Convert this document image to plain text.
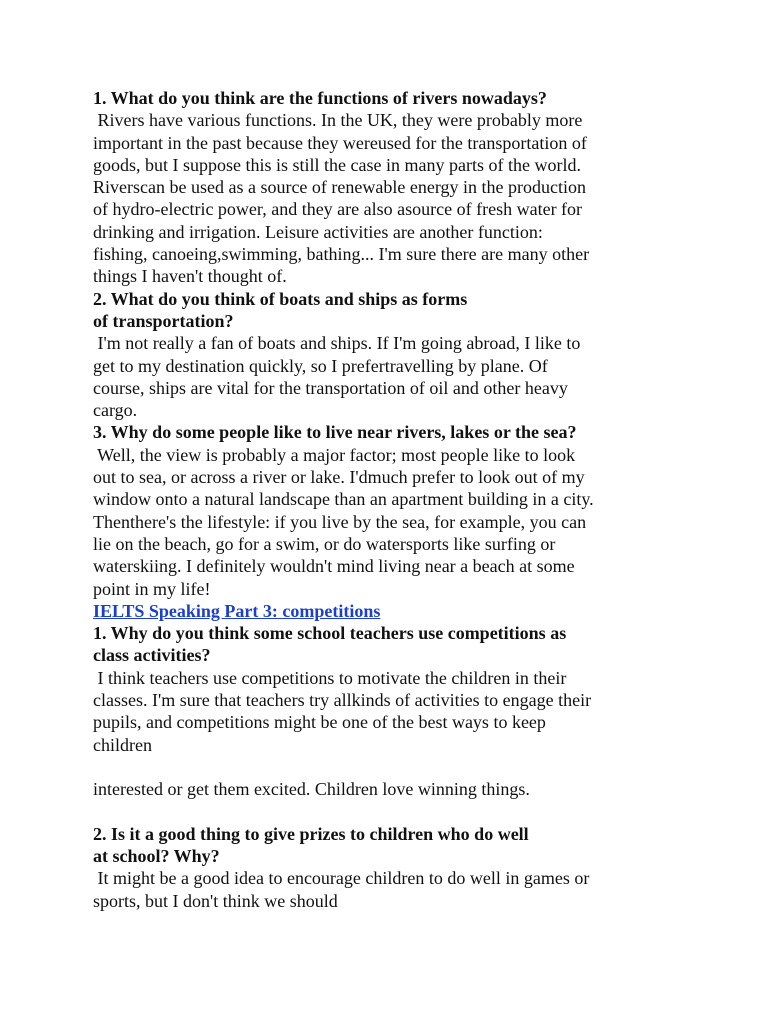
1. What do you think are the functions of rivers nowadays?

Rivers have various functions. In the UK, they were probably more
important in the past because they wereused for the transportation of
goods, but I suppose this is still the case in many parts of the world.
Riverscan be used as a source of renewable energy in the production
of hydro-electric power, and they are also asource of fresh water for
drinking and irrigation. Leisure activities are another function:
fishing, canoeing,swimming, bathing... I'm sure there are many other
things I haven't thought of.

2. What do you think of boats and ships as forms
of transportation?

I'm not really a fan of boats and ships. If I'm going abroad, I like to
get to my destination quickly, so I prefertravelling by plane. Of
course, ships are vital for the transportation of oil and other heavy
cargo.

3. Why do some people like to live near rivers, lakes or the sea?

Well, the view is probably a major factor; most people like to look
out to sea, or across a river or lake. I'dmuch prefer to look out of my
window onto a natural landscape than an apartment building in a city.
Thenthere's the lifestyle: if you live by the sea, for example, you can
lie on the beach, go for a swim, or do watersports like surfing or
waterskiing. I definitely wouldn't mind living near a beach at some
point in my life!

IELTS Speaking Part 3: competitions

1. Why do you think some school teachers use competitions as
class activities?

I think teachers use competitions to motivate the children in their
classes. I'm sure that teachers try allkinds of activities to engage their
pupils, and competitions might be one of the best ways to keep
children

interested or get them excited. Children love winning things.

2. Is it a good thing to give prizes to children who do well
at school? Why?

It might be a good idea to encourage children to do well in games or
sports, but I don't think we should
